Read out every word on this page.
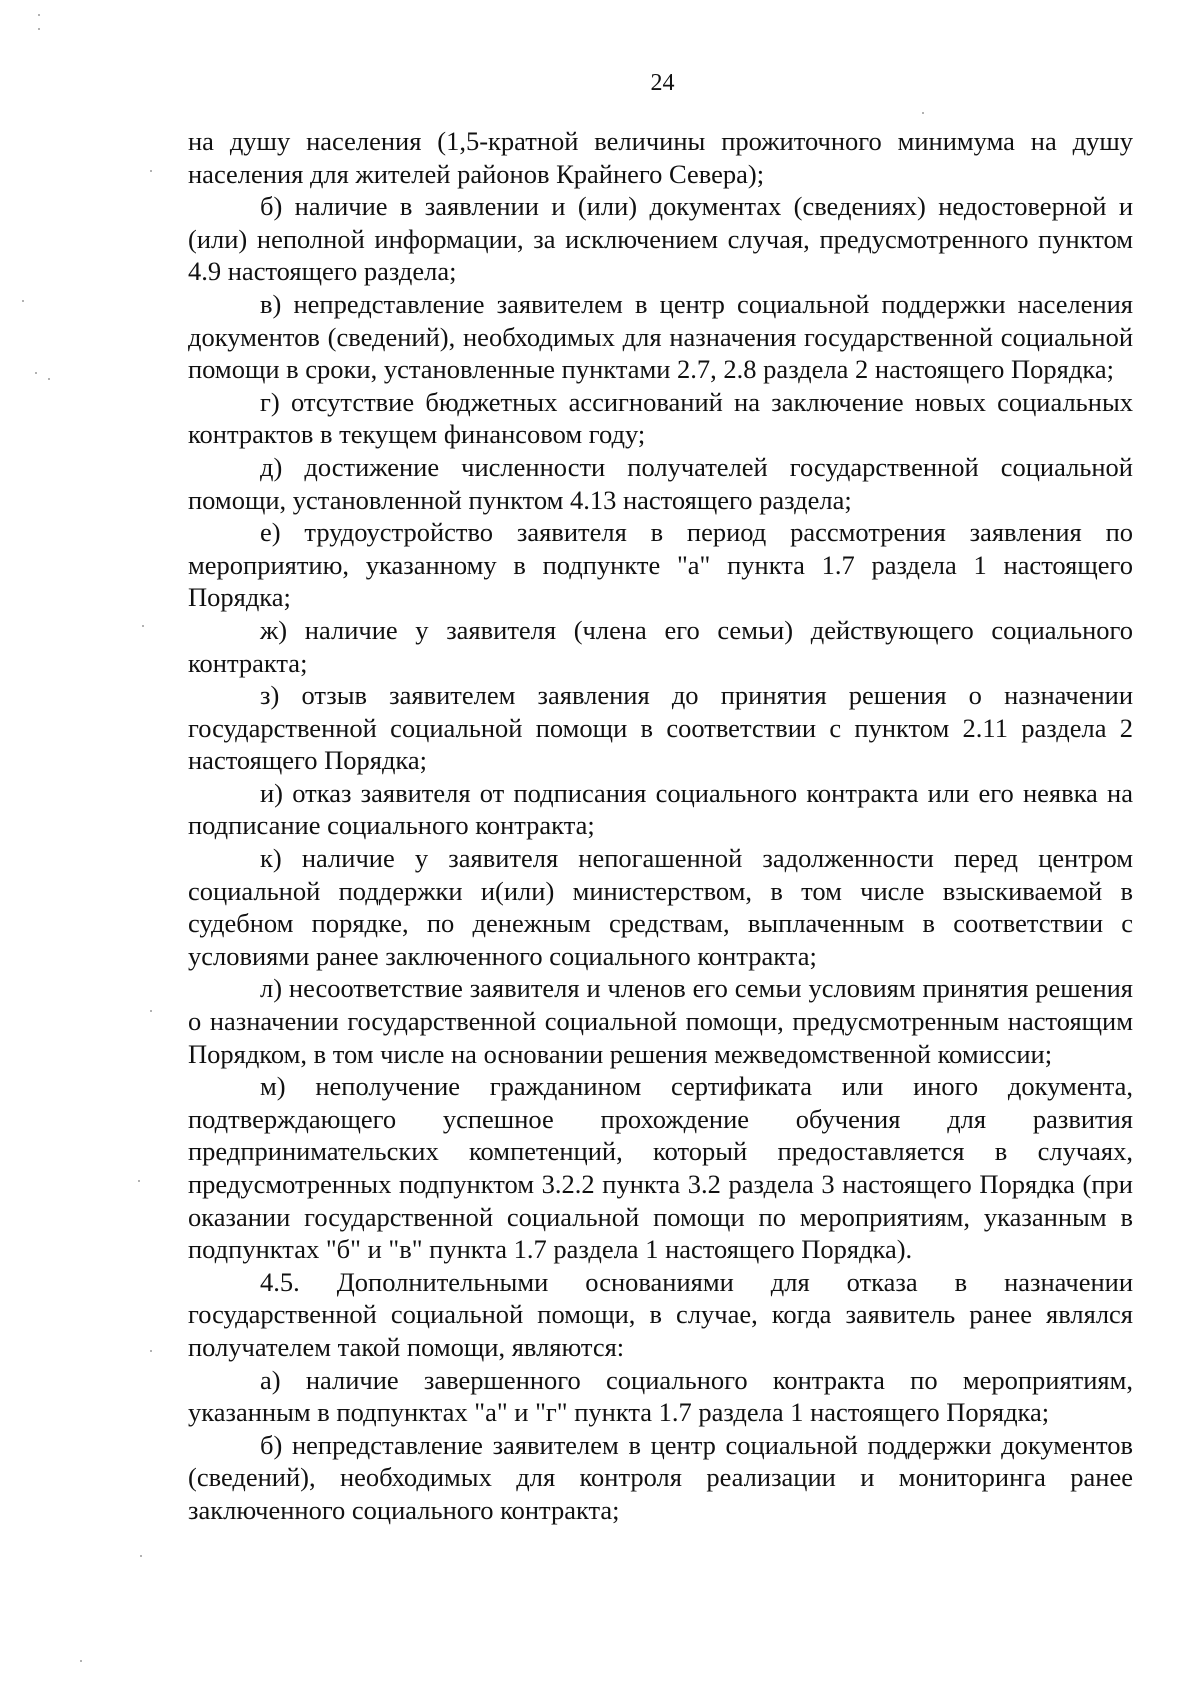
24

на душу населения (1,5-кратной величины прожиточного минимума на душу населения для жителей районов Крайнего Севера);

б) наличие в заявлении и (или) документах (сведениях) недостоверной и (или) неполной информации, за исключением случая, предусмотренного пунктом 4.9 настоящего раздела;

в) непредставление заявителем в центр социальной поддержки населения документов (сведений), необходимых для назначения государственной социальной помощи в сроки, установленные пунктами 2.7, 2.8 раздела 2 настоящего Порядка;

г) отсутствие бюджетных ассигнований на заключение новых социальных контрактов в текущем финансовом году;

д) достижение численности получателей государственной социальной помощи, установленной пунктом 4.13 настоящего раздела;

е) трудоустройство заявителя в период рассмотрения заявления по мероприятию, указанному в подпункте "а" пункта 1.7 раздела 1 настоящего Порядка;

ж) наличие у заявителя (члена его семьи) действующего социального контракта;

з) отзыв заявителем заявления до принятия решения о назначении государственной социальной помощи в соответствии с пунктом 2.11 раздела 2 настоящего Порядка;

и) отказ заявителя от подписания социального контракта или его неявка на подписание социального контракта;

к) наличие у заявителя непогашенной задолженности перед центром социальной поддержки и(или) министерством, в том числе взыскиваемой в судебном порядке, по денежным средствам, выплаченным в соответствии с условиями ранее заключенного социального контракта;

л) несоответствие заявителя и членов его семьи условиям принятия решения о назначении государственной социальной помощи, предусмотренным настоящим Порядком, в том числе на основании решения межведомственной комиссии;

м) неполучение гражданином сертификата или иного документа, подтверждающего успешное прохождение обучения для развития предпринимательских компетенций, который предоставляется в случаях, предусмотренных подпунктом 3.2.2 пункта 3.2 раздела 3 настоящего Порядка (при оказании государственной социальной помощи по мероприятиям, указанным в подпунктах "б" и "в" пункта 1.7 раздела 1 настоящего Порядка).

4.5. Дополнительными основаниями для отказа в назначении государственной социальной помощи, в случае, когда заявитель ранее являлся получателем такой помощи, являются:

а) наличие завершенного социального контракта по мероприятиям, указанным в подпунктах "а" и "г" пункта 1.7 раздела 1 настоящего Порядка;

б) непредставление заявителем в центр социальной поддержки документов (сведений), необходимых для контроля реализации и мониторинга ранее заключенного социального контракта;
